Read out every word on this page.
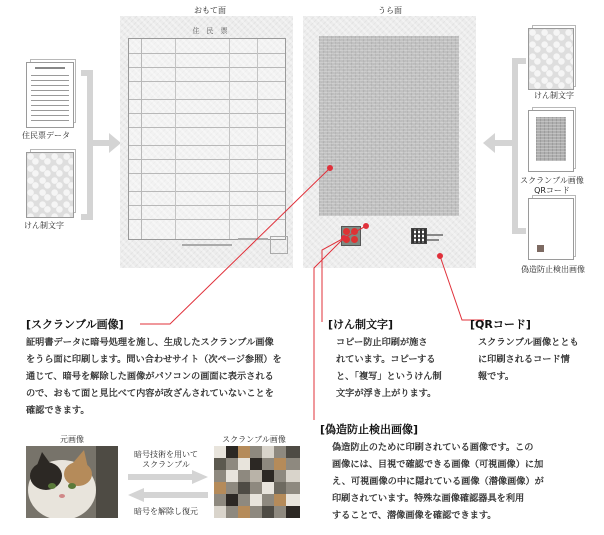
おもて面	うら面
住民票データ
けん制文字
住　民　票
けん制文字
スクランブル画像
QRコード
偽造防止検出画像
[スクランブル画像]
証明書データに暗号処理を施し、生成したスクランブル画像
をうら面に印刷します。問い合わせサイト（次ページ参照）を
通じて、暗号を解除した画像がパソコンの画面に表示される
ので、おもて面と見比べて内容が改ざんされていないことを
確認できます。
[けん制文字]
コピー防止印刷が施さ
れています。コピーする
と、「複写」というけん制
文字が浮き上がります。
[QRコード]
スクランブル画像ととも
に印刷されるコード情
報です。
[偽造防止検出画像]
偽造防止のために印刷されている画像です。この
画像には、目視で確認できる画像（可視画像）に加
え、可視画像の中に隠れている画像（潜像画像）が
印刷されています。特殊な画像確認器具を利用
することで、潜像画像を確認できます。
元画像
暗号技術を用いて
スクランブル
暗号を解除し復元
スクランブル画像
